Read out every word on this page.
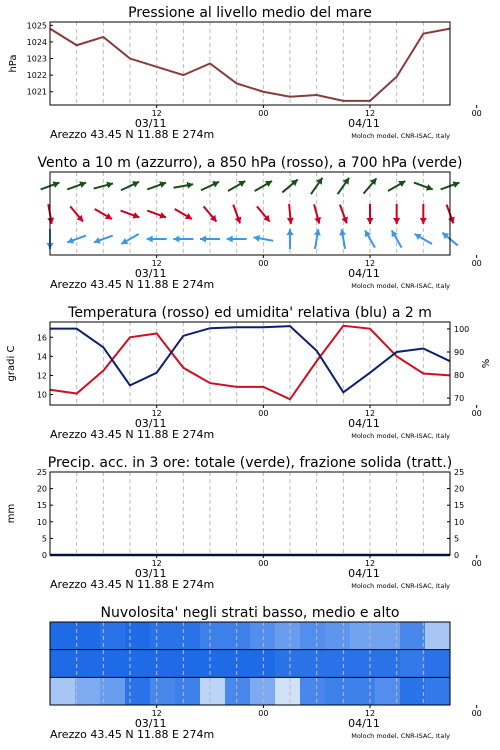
Pressione al livello medio del mare
12	00	12	00
03/11	04/11
Arezzo 43.45 N 11.88 E 274m	Moloch model, CNR-ISAC, Italy
1021
1022
1023
1024
1025
hPa
Vento a 10 m (azzurro), a 850 hPa (rosso), a 700 hPa (verde)
12	00	12	00
03/11	04/11
Arezzo 43.45 N 11.88 E 274m	Moloch model, CNR-ISAC, Italy
Temperatura (rosso) ed umidita' relativa (blu) a 2 m
12	00	12	00
03/11	04/11
Arezzo 43.45 N 11.88 E 274m	Moloch model, CNR-ISAC, Italy
10
12
14
16
70
80
90
100
gradi C	%
Precip. acc. in 3 ore: totale (verde), frazione solida (tratt.)
12	00	12	00
03/11	04/11
Arezzo 43.45 N 11.88 E 274m	Moloch model, CNR-ISAC, Italy
0
5
10
15
20
25
0
5
10
15
20
25
mm
Nuvolosita' negli strati basso, medio e alto
12	00	12	00
03/11	04/11
Arezzo 43.45 N 11.88 E 274m	Moloch model, CNR-ISAC, Italy
